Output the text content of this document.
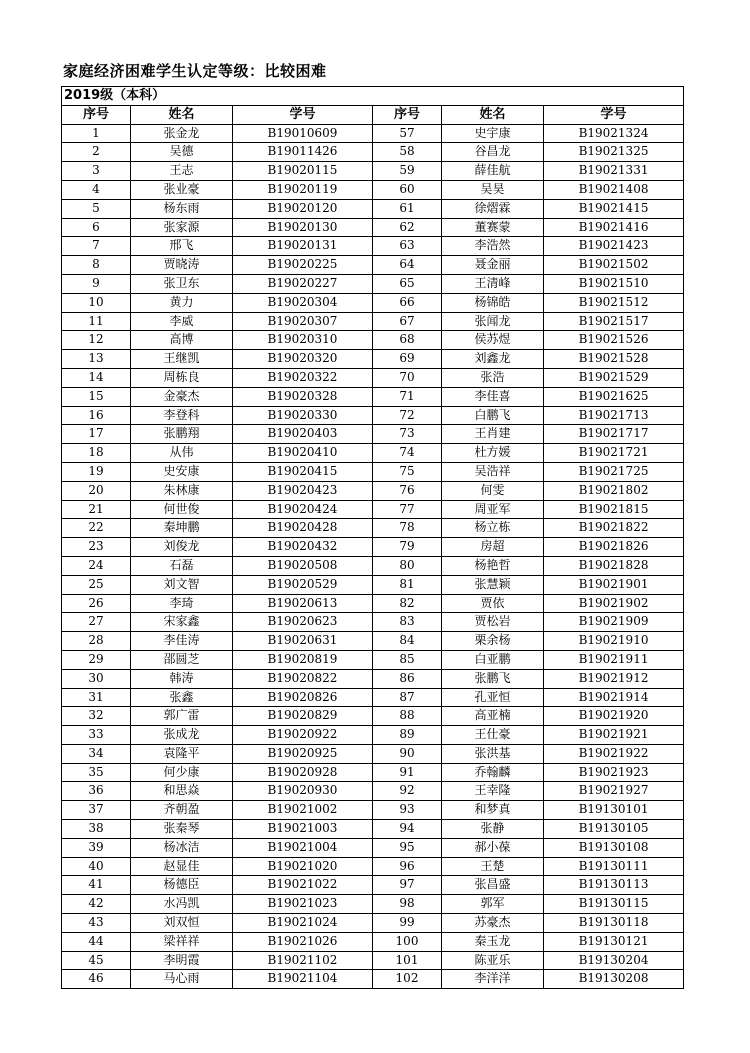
家庭经济困难学生认定等级：比较困难
2019级（本科）					
序号	姓名	学号	序号	姓名	学号
1	张金龙	B19010609	57	史宇康	B19021324
2	吴德	B19011426	58	谷昌龙	B19021325
3	王志	B19020115	59	薛佳航	B19021331
4	张业豪	B19020119	60	吴昊	B19021408
5	杨东雨	B19020120	61	徐熠霖	B19021415
6	张家源	B19020130	62	董赛蒙	B19021416
7	邢飞	B19020131	63	李浩然	B19021423
8	贾晓涛	B19020225	64	聂金丽	B19021502
9	张卫东	B19020227	65	王清峰	B19021510
10	黄力	B19020304	66	杨锦皓	B19021512
11	李威	B19020307	67	张闻龙	B19021517
12	高博	B19020310	68	侯苏煜	B19021526
13	王继凯	B19020320	69	刘鑫龙	B19021528
14	周栋良	B19020322	70	张浩	B19021529
15	金豪杰	B19020328	71	李佳喜	B19021625
16	李登科	B19020330	72	白鹏飞	B19021713
17	张鹏翔	B19020403	73	王肖建	B19021717
18	从伟	B19020410	74	杜方媛	B19021721
19	史安康	B19020415	75	吴浩祥	B19021725
20	朱林康	B19020423	76	何雯	B19021802
21	何世俊	B19020424	77	周亚军	B19021815
22	秦坤鹏	B19020428	78	杨立栋	B19021822
23	刘俊龙	B19020432	79	房超	B19021826
24	石磊	B19020508	80	杨艳哲	B19021828
25	刘文智	B19020529	81	张慧颖	B19021901
26	李琦	B19020613	82	贾依	B19021902
27	宋家鑫	B19020623	83	贾松岩	B19021909
28	李佳涛	B19020631	84	栗余杨	B19021910
29	邵圆芝	B19020819	85	白亚鹏	B19021911
30	韩涛	B19020822	86	张鹏飞	B19021912
31	张鑫	B19020826	87	孔亚恒	B19021914
32	郭广雷	B19020829	88	高亚楠	B19021920
33	张成龙	B19020922	89	王仕豪	B19021921
34	袁隆平	B19020925	90	张洪基	B19021922
35	何少康	B19020928	91	乔翰麟	B19021923
36	和思焱	B19020930	92	王幸隆	B19021927
37	齐朝盈	B19021002	93	和梦真	B19130101
38	张秦琴	B19021003	94	张静	B19130105
39	杨冰洁	B19021004	95	郝小葆	B19130108
40	赵显佳	B19021020	96	王楚	B19130111
41	杨德臣	B19021022	97	张昌盛	B19130113
42	水冯凯	B19021023	98	郭军	B19130115
43	刘双恒	B19021024	99	苏豪杰	B19130118
44	梁祥祥	B19021026	100	秦玉龙	B19130121
45	李明霞	B19021102	101	陈亚乐	B19130204
46	马心雨	B19021104	102	李洋洋	B19130208
